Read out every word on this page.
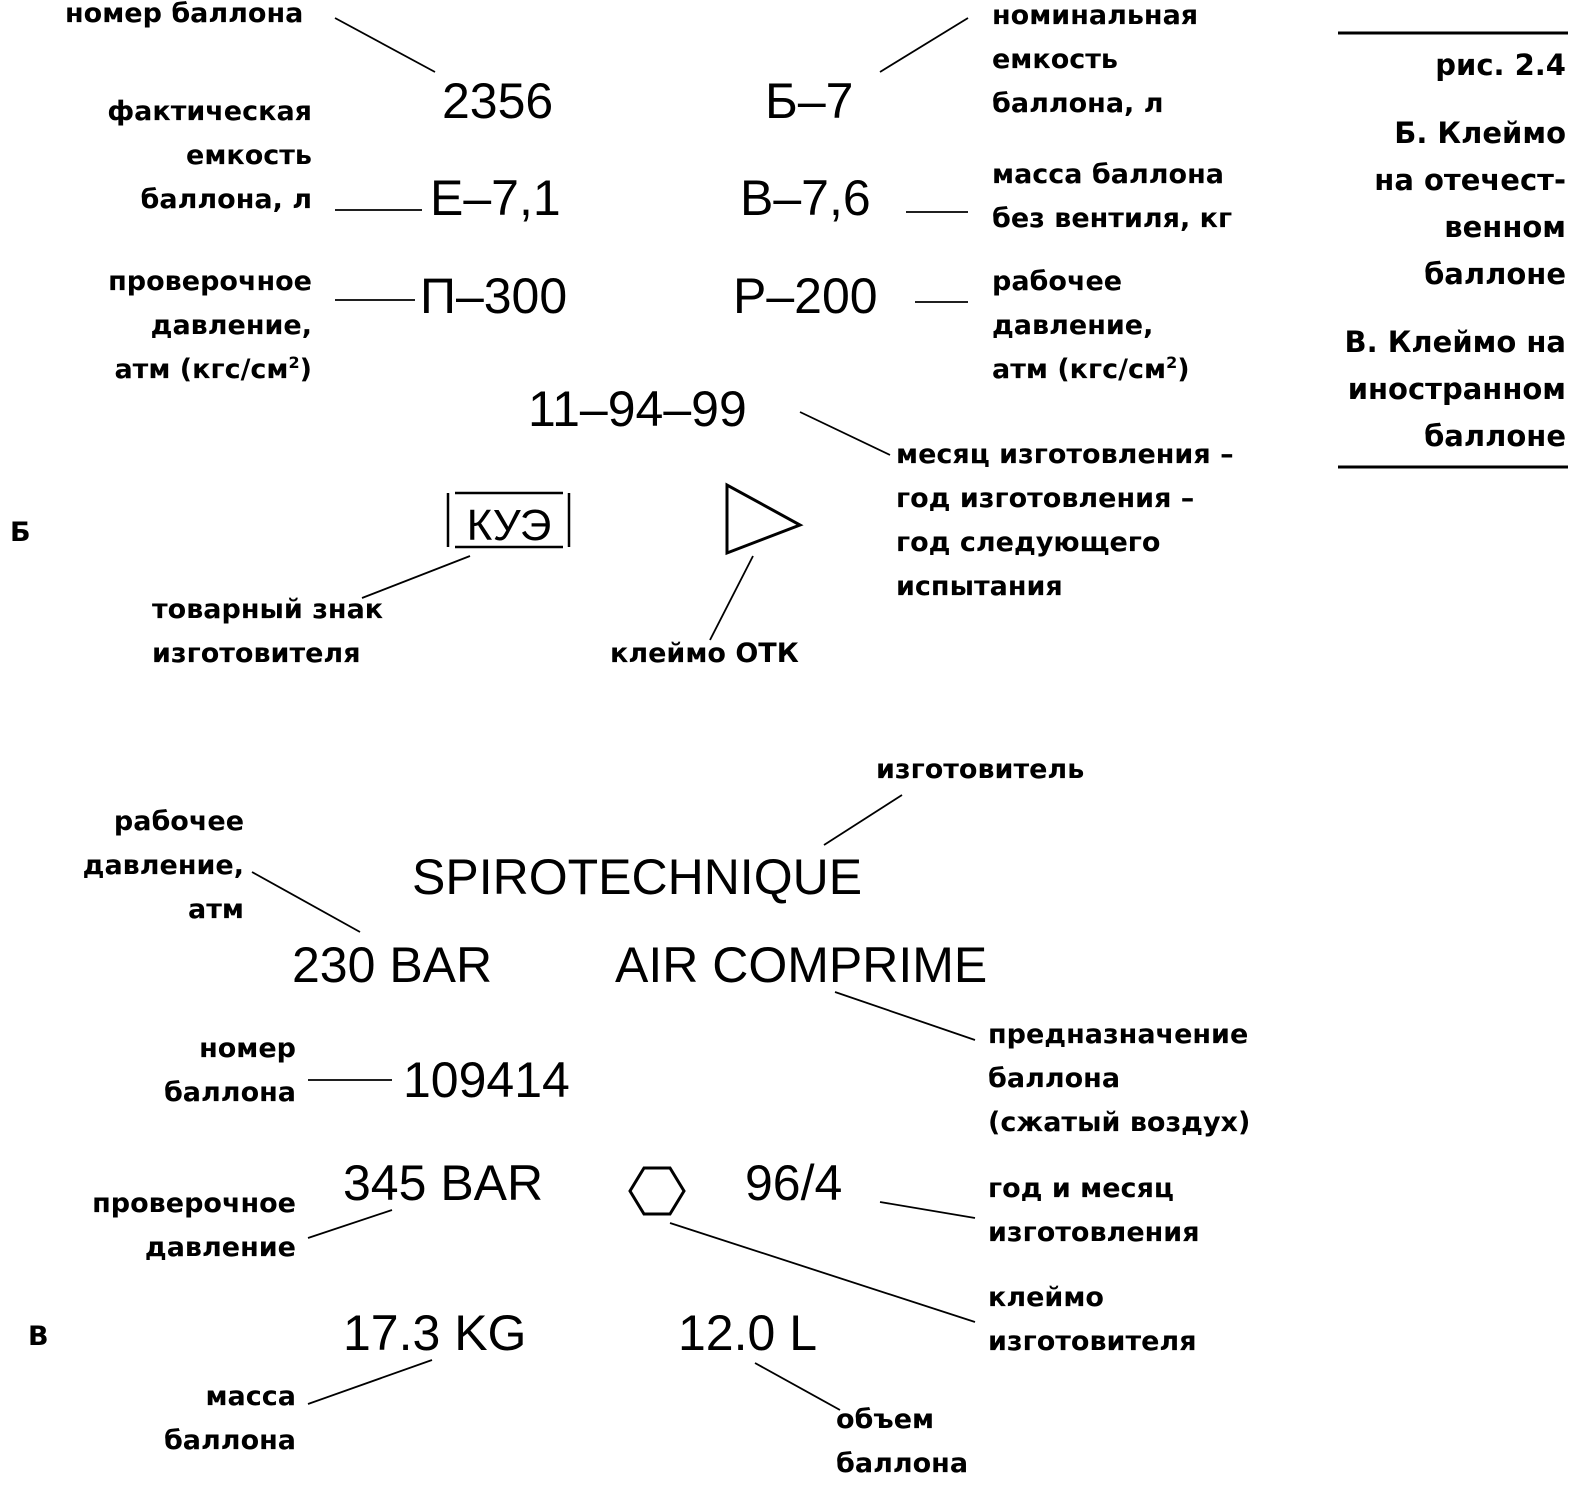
рис. 2.4
Б. Клеймо
на отечест-
венном
баллоне
В. Клеймо на
иностранном
баллоне
Б
2356	Б–7
Е–7,1	В–7,6
П–300	Р–200
11–94–99
КУЭ
номер баллона	номинальная
емкость
баллона, л
фактическая
емкость
баллона, л
масса баллона
без вентиля, кг
проверочное
давление,
атм $(кгс/см^2)$
рабочее
давление,
атм $(кгс/см^2)$
месяц изготовления –
год изготовления –
год следующего
испытания
товарный знак
изготовителя	клеймо ОТК
В
SPIROTECHNIQUE
230 BAR AIR COMPRIME
109414
345 BAR	96/4
17.3 KG	12.0 L
изготовитель
рабочее
давление,
атм
предназначение
баллона
(сжатый воздух)
номер
баллона
проверочное
давление
год и месяц
изготовления
клеймо
изготовителя
масса
баллона
объем
баллона
